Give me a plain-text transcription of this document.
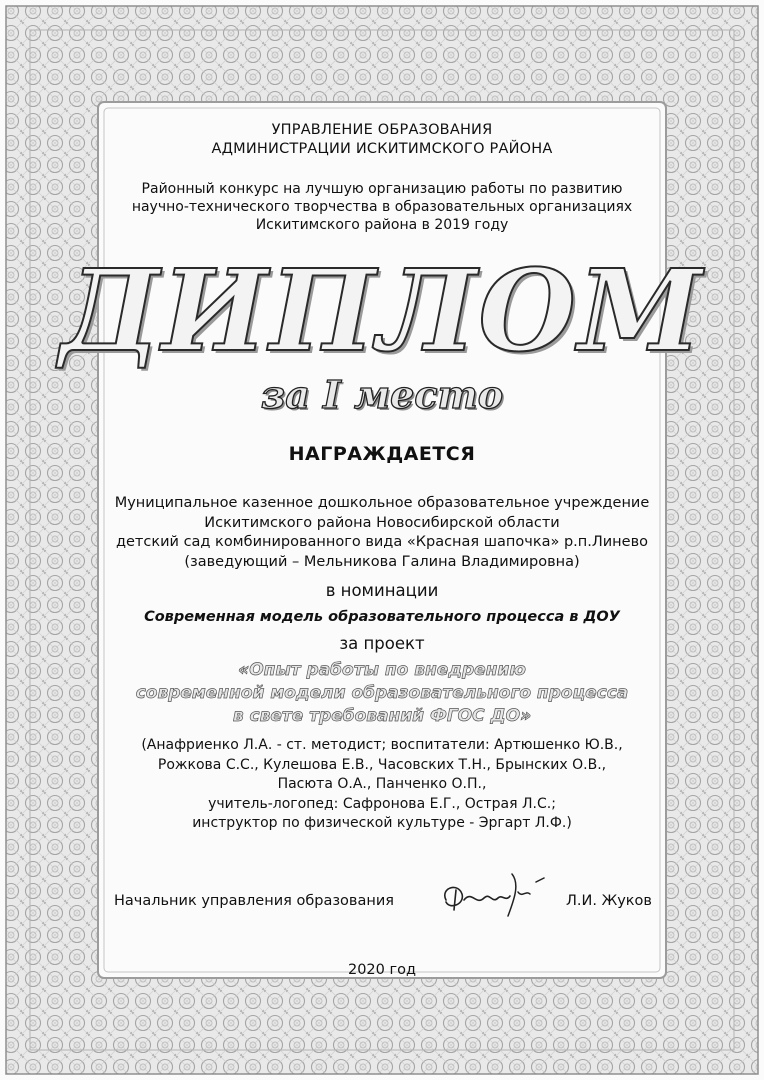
УПРАВЛЕНИЕ ОБРАЗОВАНИЯ
АДМИНИСТРАЦИИ ИСКИТИМСКОГО РАЙОНА
Районный конкурс на лучшую организацию работы по развитию
научно-технического творчества в образовательных организациях
Искитимского района в 2019 году
ДИПЛОМ
за I место
НАГРАЖДАЕТСЯ
Муниципальное казенное дошкольное образовательное учреждение
Искитимского района Новосибирской области
детский сад комбинированного вида «Красная шапочка» р.п.Линево
(заведующий – Мельникова Галина Владимировна)
в номинации
Современная модель образовательного процесса в ДОУ
за проект
«Опыт работы по внедрению
современной модели образовательного процесса
в свете требований ФГОС ДО»
(Анафриенко Л.А. - ст. методист; воспитатели: Артюшенко Ю.В.,
Рожкова С.С., Кулешова Е.В., Часовских Т.Н., Брынских О.В.,
Пасюта О.А., Панченко О.П.,
учитель-логопед: Сафронова Е.Г., Острая Л.С.;
инструктор по физической культуре - Эргарт Л.Ф.)
Начальник управления образования	Л.И. Жуков
2020 год
